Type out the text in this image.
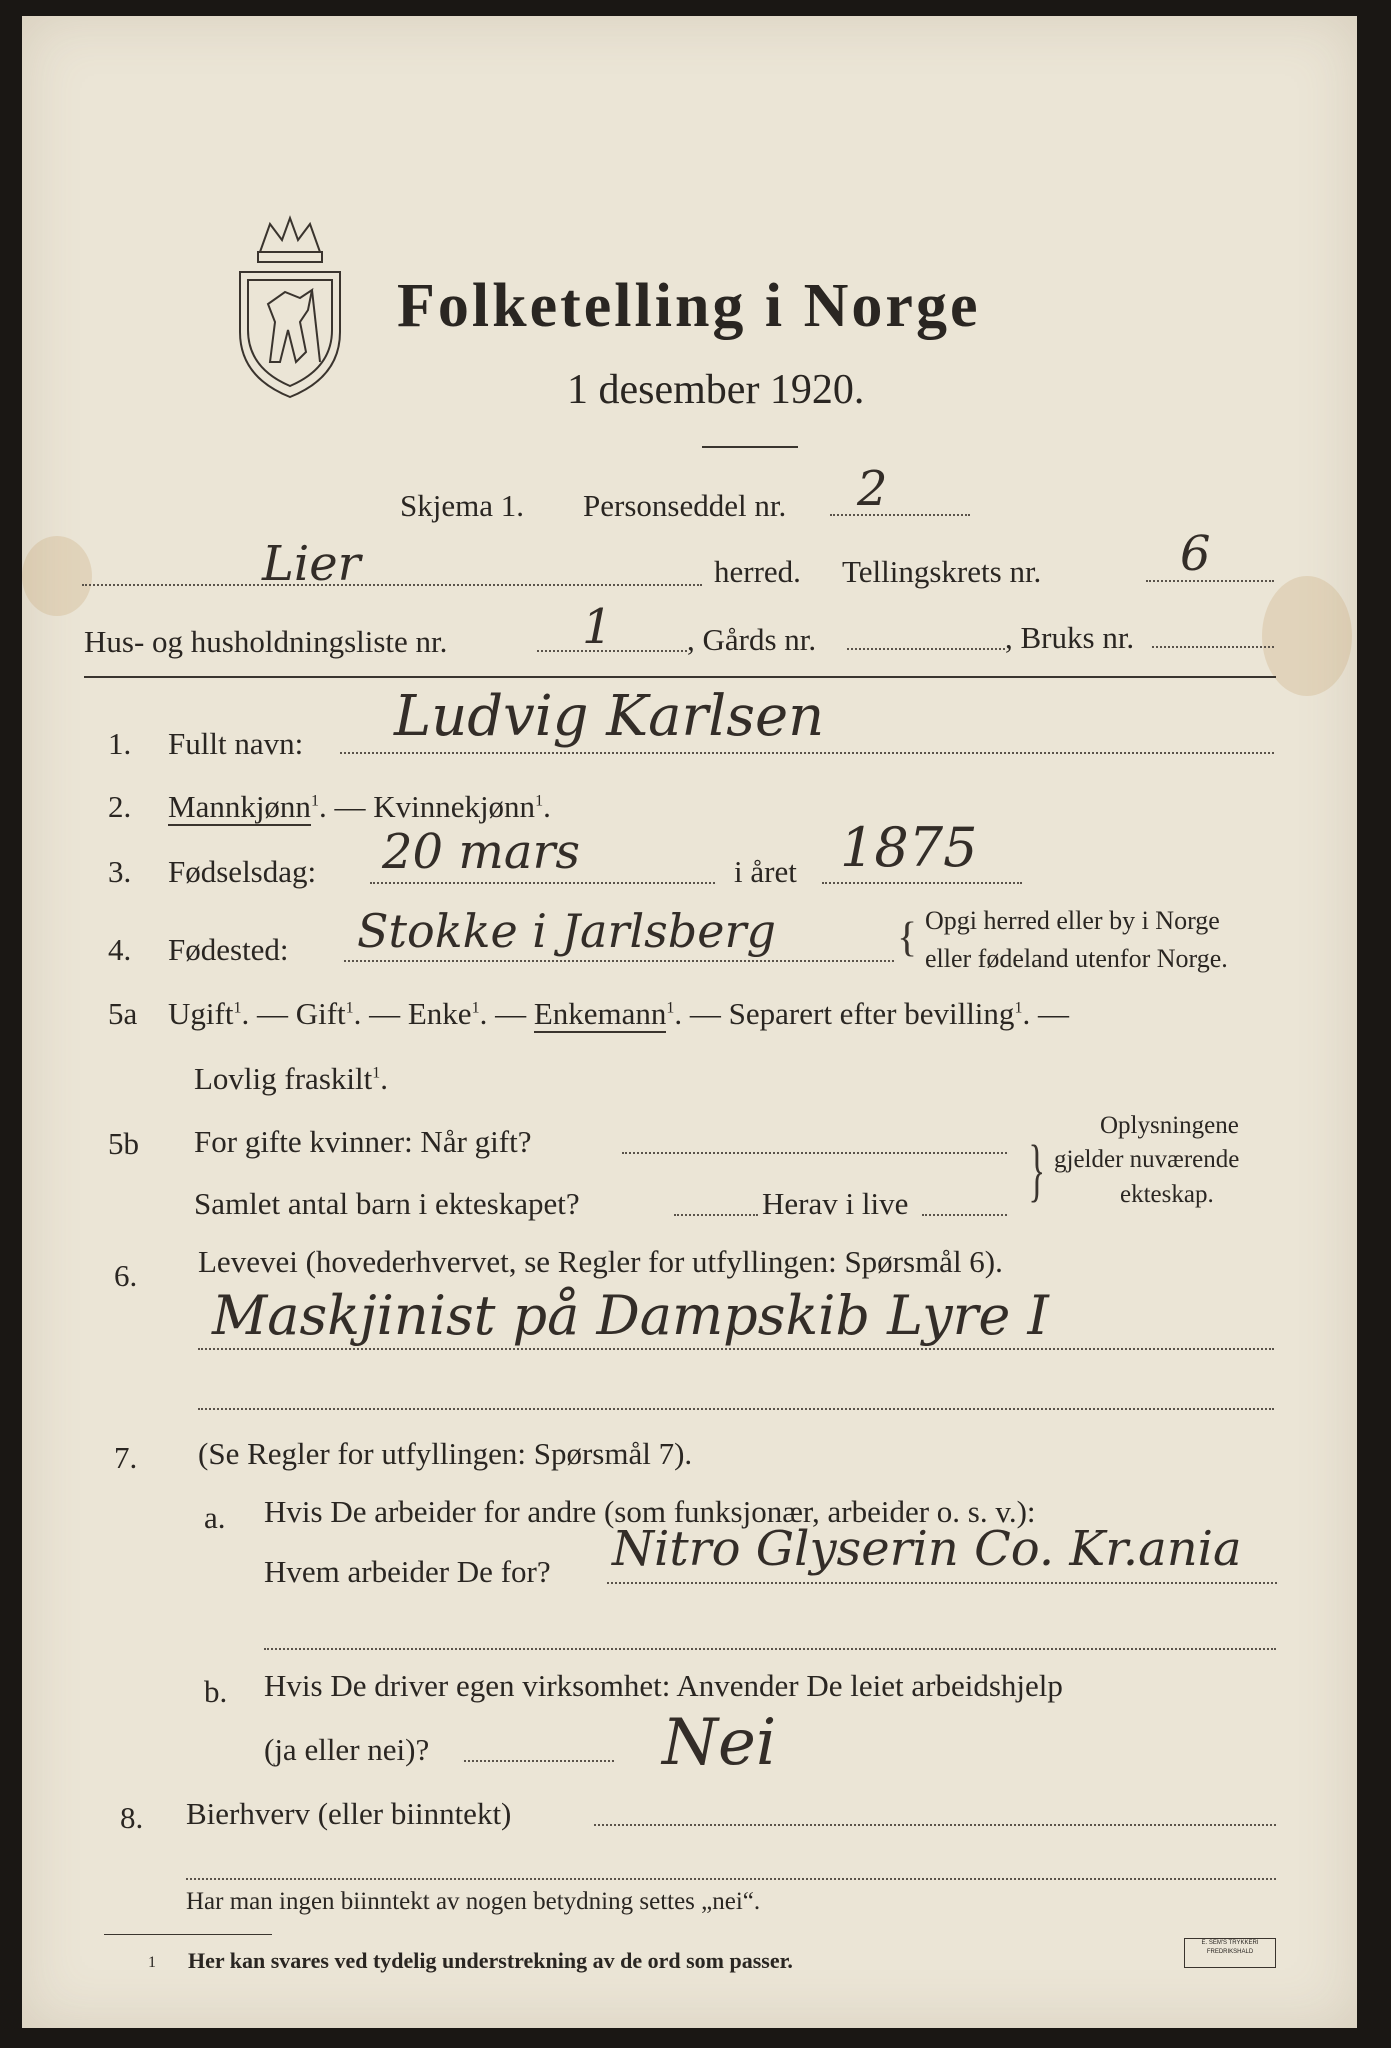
Folketelling i Norge
1 desember 1920.
Skjema 1. Personseddel nr. 2
Lier	herred. Tellingskrets nr.	6
Hus- og husholdningsliste nr.	1 , Gårds nr.	, Bruks nr.
1. Fullt navn: Ludvig Karlsen
2. Mannkjønn$^1$. — Kvinnekjønn$^1$.
3. Fødselsdag: 20 mars	i året 1875
4. Fødested: Stokke i Jarlsberg	{ Opgi herred eller by i Norge
eller fødeland utenfor Norge.
5a Ugift$^1$. — Gift$^1$. — Enke$^1$. — Enkemann$^1$. — Separert efter bevilling$^1$. —
Lovlig fraskilt$^1$.
5b For gifte kvinner: Når gift?
Samlet antal barn i ekteskapet?	Herav i live }
Oplysningene
gjelder nuværende
ekteskap.
6. Levevei (hovederhvervet, se Regler for utfyllingen: Spørsmål 6).
Maskjinist på Dampskib Lyre I
7. (Se Regler for utfyllingen: Spørsmål 7).
a. Hvis De arbeider for andre (som funksjonær, arbeider o. s. v.):
Hvem arbeider De for? Nitro Glyserin Co. Kr.ania
b. Hvis De driver egen virksomhet: Anvender De leiet arbeidshjelp
(ja eller nei)?	Nei
8. Bierhverv (eller biinntekt)
Har man ingen biinntekt av nogen betydning settes „nei“.
1 Her kan svares ved tydelig understrekning av de ord som passer.
E. SEM'S TRYKKERI FREDRIKSHALD
